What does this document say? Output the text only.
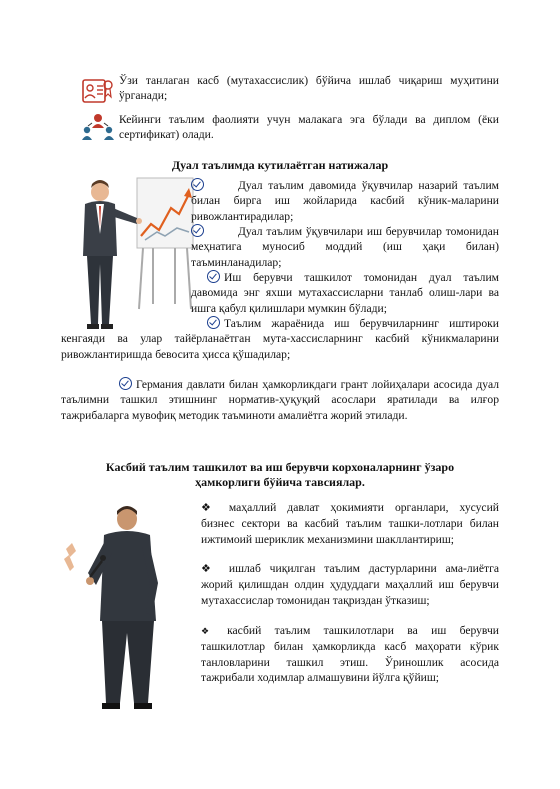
Ўзи танлаган касб (мутахассислик) бўйича ишлаб чиқариш муҳитини ўрганади;
Кейинги таълим фаолияти учун малакага эга бўлади ва диплом (ёки сертификат) олади.
Дуал таълимда кутилаётган натижалар
Дуал таълим давомида ўқувчилар назарий таълим билан бирга иш жойларида касбий кўник-маларини ривожлантирадилар;
Дуал таълим ўқувчилари иш берувчилар томонидан меҳнатига муносиб моддий (иш ҳақи билан) таъминланадилар;
Иш берувчи ташкилот томонидан дуал таълим давомида энг яхши мутахассисларни танлаб олиш-лари ва ишга қабул қилишлари мумкин бўлади;
Таълим жараёнида иш берувчиларнинг иштироки кенгаяди ва улар тайёрланаётган мута-хассисларнинг касбий кўникмаларини ривожлантиришда бевосита ҳисса қўшадилар;
Германия давлати билан ҳамкорликдаги грант лойиҳалари асосида дуал таълимни ташкил этишнинг норматив-ҳуқуқий асослари яратилади ва илғор тажрибаларга мувофиқ методик таъминоти амалиётга жорий этилади.
Касбий таълим ташкилот ва иш берувчи корхоналарнинг ўзаро
ҳамкорлиги бўйича тавсиялар.
❖ маҳаллий давлат ҳокимияти органлари, хусусий бизнес сектори ва касбий таълим ташки-лотлари билан ижтимоий шериклик механизмини шакллантириш;
❖ ишлаб чиқилган таълим дастурларини ама-лиётга жорий қилишдан олдин ҳудуддаги маҳаллий иш берувчи мутахассислар томонидан тақриздан ўтказиш;
❖ касбий таълим ташкилотлари ва иш берувчи ташкилотлар билан ҳамкорликда касб маҳорати кўрик танловларини ташкил этиш. Ўриношлик асосида тажрибали ходимлар алмашувини йўлга қўйиш;
